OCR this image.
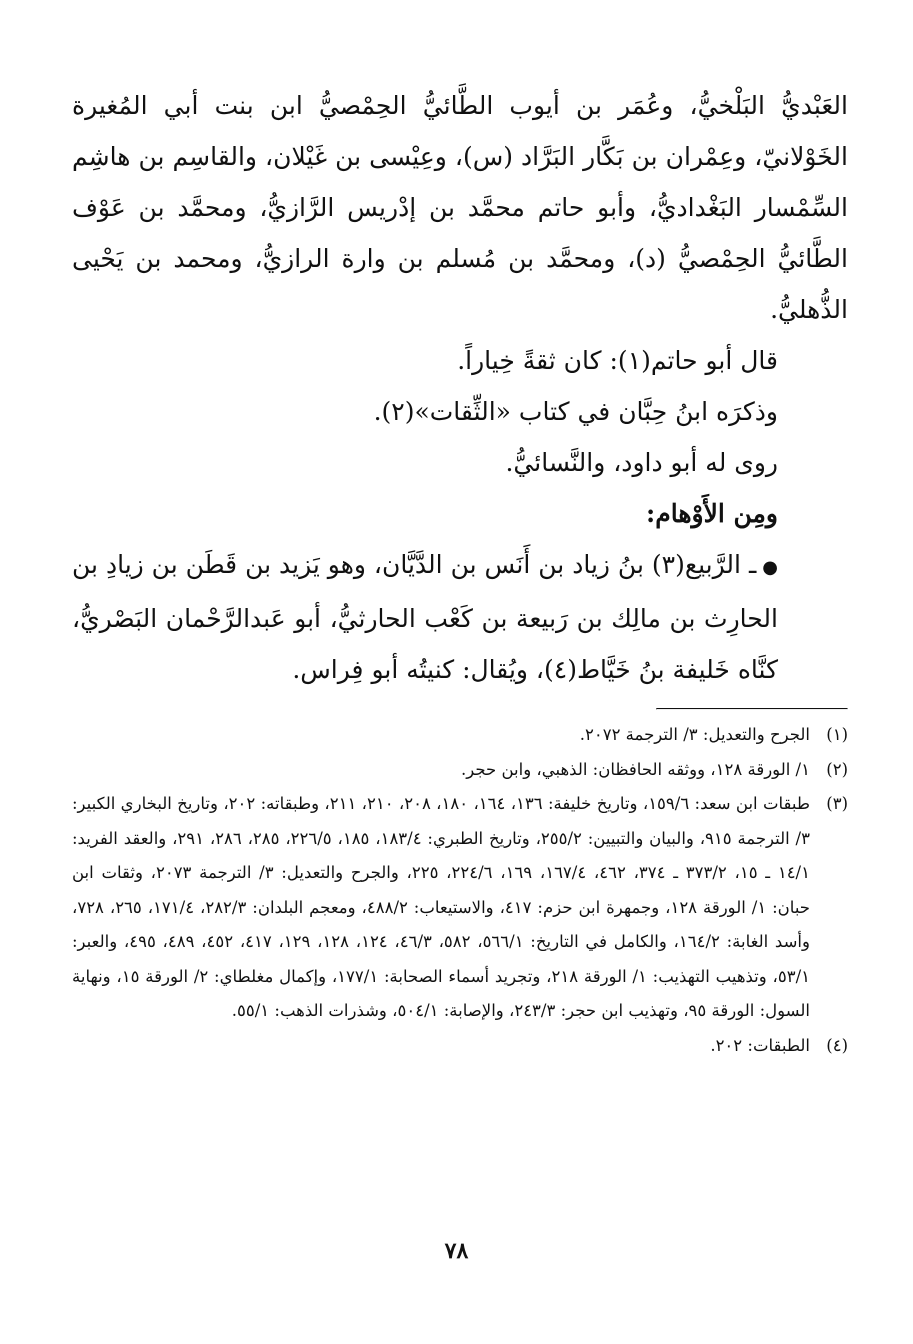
العَبْديُّ البَلْخيُّ، وعُمَر بن أيوب الطَّائيُّ الحِمْصيُّ ابن بنت أبي المُغيرة الخَوْلانيّ، وعِمْران بن بَكَّار البَرَّاد (س)، وعِيْسى بن غَيْلان، والقاسِم بن هاشِم السِّمْسار البَغْداديُّ، وأبو حاتم محمَّد بن إدْريس الرَّازيُّ، ومحمَّد بن عَوْف الطَّائيُّ الحِمْصيُّ (د)، ومحمَّد بن مُسلم بن وارة الرازيُّ، ومحمد بن يَحْيى الذُّهليُّ.

قال أبو حاتم(١): كان ثقةً خِياراً.

وذكرَه ابنُ حِبَّان في كتاب «الثِّقات»(٢).

روى له أبو داود، والنَّسائيُّ.

ومِن الأَوْهام:

●ـ الرَّبيع(٣) بنُ زياد بن أَنَس بن الدَّيَّان، وهو يَزيد بن قَطَن بن زيادِ بن الحارِث بن مالِك بن رَبيعة بن كَعْب الحارثيُّ، أبو عَبدالرَّحْمان البَصْريُّ، كنَّاه خَليفة بنُ خَيَّاط(٤)، ويُقال: كنيتُه أبو فِراس.

(١)
الجرح والتعديل: ٣/ الترجمة ٢٠٧٢.
(٢)
١/ الورقة ١٢٨، ووثقه الحافظان: الذهبي، وابن حجر.
(٣)
طبقات ابن سعد: ١٥٩/٦، وتاريخ خليفة: ١٣٦، ١٦٤، ١٨٠، ٢٠٨، ٢١٠، ٢١١، وطبقاته: ٢٠٢، وتاريخ البخاري الكبير: ٣/ الترجمة ٩١٥، والبيان والتبيين: ٢٥٥/٢، وتاريخ الطبري: ١٨٣/٤، ١٨٥، ٢٢٦/٥، ٢٨٥، ٢٨٦، ٢٩١، والعقد الفريد: ١٤/١ ـ ١٥، ٣٧٣/٢ ـ ٣٧٤، ٤٦٢، ١٦٧/٤، ١٦٩، ٢٢٤/٦، ٢٢٥، والجرح والتعديل: ٣/ الترجمة ٢٠٧٣، وثقات ابن حبان: ١/ الورقة ١٢٨، وجمهرة ابن حزم: ٤١٧، والاستيعاب: ٤٨٨/٢، ومعجم البلدان: ٢٨٢/٣، ١٧١/٤، ٢٦٥، ٧٢٨، وأسد الغابة: ١٦٤/٢، والكامل في التاريخ: ٥٦٦/١، ٥٨٢، ٤٦/٣، ١٢٤، ١٢٨، ١٢٩، ٤١٧، ٤٥٢، ٤٨٩، ٤٩٥، والعبر: ٥٣/١، وتذهيب التهذيب: ١/ الورقة ٢١٨، وتجريد أسماء الصحابة: ١٧٧/١، وإكمال مغلطاي: ٢/ الورقة ١٥، ونهاية السول: الورقة ٩٥، وتهذيب ابن حجر: ٢٤٣/٣، والإصابة: ٥٠٤/١، وشذرات الذهب: ٥٥/١.
(٤)
الطبقات: ٢٠٢.
٧٨
